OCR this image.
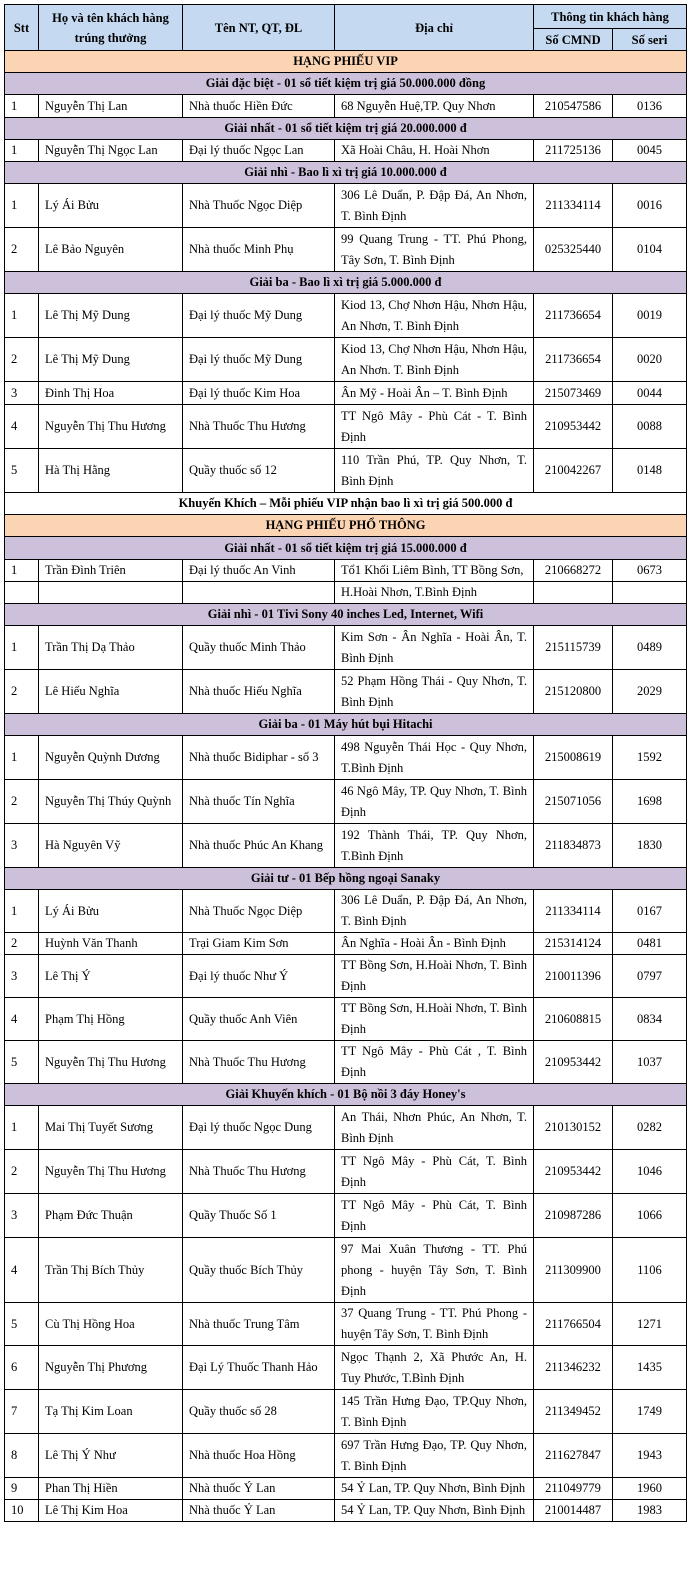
Stt	Họ và tên khách hàng trúng thưởng	Tên NT, QT, ĐL	Địa chỉ	Thông tin khách hàng	
				Số CMND	Số seri
HẠNG PHIẾU VIP					
Giải đặc biệt - 01 sổ tiết kiệm trị giá 50.000.000 đồng					
1	Nguyễn Thị Lan	Nhà thuốc Hiền Đức	68 Nguyễn Huệ,TP. Quy Nhơn	210547586	0136
Giải nhất - 01 sổ tiết kiệm trị giá 20.000.000 đ					
1	Nguyễn Thị Ngọc Lan	Đại lý thuốc Ngọc Lan	Xã Hoài Châu, H. Hoài Nhơn	211725136	0045
Giải nhì - Bao lì xì trị giá 10.000.000 đ					
1	Lý Ái Bửu	Nhà Thuốc Ngọc Diệp	306 Lê Duẩn, P. Đập Đá, An Nhơn, T. Bình Định	211334114	0016
2	Lê Bảo Nguyên	Nhà thuốc Minh Phụ	99 Quang Trung - TT. Phú Phong, Tây Sơn, T. Bình Định	025325440	0104
Giải ba - Bao lì xì trị giá 5.000.000 đ					
1	Lê Thị Mỹ Dung	Đại lý thuốc Mỹ Dung	Kiod 13, Chợ Nhơn Hậu, Nhơn Hậu, An Nhơn, T. Bình Định	211736654	0019
2	Lê Thị Mỹ Dung	Đại lý thuốc Mỹ Dung	Kiod 13, Chợ Nhơn Hậu, Nhơn Hậu, An Nhơn. T. Bình Định	211736654	0020
3	Đinh Thị Hoa	Đại lý thuốc Kim Hoa	Ân Mỹ - Hoài Ân – T. Bình Định	215073469	0044
4	Nguyễn Thị Thu Hương	Nhà Thuốc Thu Hương	TT Ngô Mây - Phù Cát - T. Bình Định	210953442	0088
5	Hà Thị Hằng	Quầy thuốc số 12	110 Trần Phú, TP. Quy Nhơn, T. Bình Định	210042267	0148
Khuyến Khích – Mỗi phiếu VIP nhận bao lì xì trị giá 500.000 đ					
HẠNG PHIẾU PHỔ THÔNG					
Giải nhất - 01 sổ tiết kiệm trị giá 15.000.000 đ					
1	Trần Đình Triên	Đại lý thuốc An Vinh	Tổ1 Khối Liêm Bình, TT Bồng Sơn,	210668272	0673
			H.Hoài Nhơn, T.Bình Định		
Giải nhì - 01 Tivi Sony 40 inches Led, Internet, Wifi					
1	Trần Thị Dạ Thảo	Quầy thuốc Minh Thảo	Kim Sơn - Ân Nghĩa - Hoài Ân, T. Bình Định	215115739	0489
2	Lê Hiếu Nghĩa	Nhà thuốc Hiếu Nghĩa	52 Phạm Hồng Thái - Quy Nhơn, T. Bình Định	215120800	2029
Giải ba - 01 Máy hút bụi Hitachi					
1	Nguyễn Quỳnh Dương	Nhà thuốc Bidiphar - số 3	498 Nguyễn Thái Học - Quy Nhơn, T.Bình Định	215008619	1592
2	Nguyễn Thị Thúy Quỳnh	Nhà thuốc Tín Nghĩa	46 Ngô Mây, TP. Quy Nhơn, T. Bình Định	215071056	1698
3	Hà Nguyên Vỹ	Nhà thuốc Phúc An Khang	192 Thành Thái, TP. Quy Nhơn, T.Bình Định	211834873	1830
Giải tư - 01 Bếp hồng ngoại Sanaky					
1	Lý Ái Bửu	Nhà Thuốc Ngọc Diệp	306 Lê Duẩn, P. Đập Đá, An Nhơn, T. Bình Định	211334114	0167
2	Huỳnh Văn Thanh	Trại Giam Kim Sơn	Ân Nghĩa - Hoài Ân - Bình Định	215314124	0481
3	Lê Thị Ý	Đại lý thuốc Như Ý	TT Bồng Sơn, H.Hoài Nhơn, T. Bình Định	210011396	0797
4	Phạm Thị Hồng	Quầy thuốc Anh Viên	TT Bồng Sơn, H.Hoài Nhơn, T. Bình Định	210608815	0834
5	Nguyễn Thị Thu Hương	Nhà Thuốc Thu Hương	TT Ngô Mây - Phù Cát , T. Bình Định	210953442	1037
Giải Khuyến khích - 01 Bộ nồi 3 đáy Honey's					
1	Mai Thị Tuyết Sương	Đại lý thuốc Ngọc Dung	An Thái, Nhơn Phúc, An Nhơn, T. Bình Định	210130152	0282
2	Nguyễn Thị Thu Hương	Nhà Thuốc Thu Hương	TT Ngô Mây - Phù Cát, T. Bình Định	210953442	1046
3	Phạm Đức Thuận	Quầy Thuốc Số 1	TT Ngô Mây - Phù Cát, T. Bình Định	210987286	1066
4	Trần Thị Bích Thủy	Quầy thuốc Bích Thủy	97 Mai Xuân Thương - TT. Phú phong - huyện Tây Sơn, T. Bình Định	211309900	1106
5	Cù Thị Hồng Hoa	Nhà thuốc Trung Tâm	37 Quang Trung - TT. Phú Phong - huyện Tây Sơn, T. Bình Định	211766504	1271
6	Nguyễn Thị Phương	Đại Lý Thuốc Thanh Hảo	Ngọc Thạnh 2, Xã Phước An, H. Tuy Phước, T.Bình Định	211346232	1435
7	Tạ Thị Kim Loan	Quầy thuốc số 28	145 Trần Hưng Đạo, TP.Quy Nhơn, T. Bình Định	211349452	1749
8	Lê Thị Ý Như	Nhà thuốc Hoa Hồng	697 Trần Hưng Đạo, TP. Quy Nhơn, T. Bình Định	211627847	1943
9	Phan Thị Hiền	Nhà thuốc Ý Lan	54 Ỷ Lan, TP. Quy Nhơn, Bình Định	211049779	1960
10	Lê Thị Kim Hoa	Nhà thuốc Ỷ Lan	54 Ỷ Lan, TP. Quy Nhơn, Bình Định	210014487	1983
